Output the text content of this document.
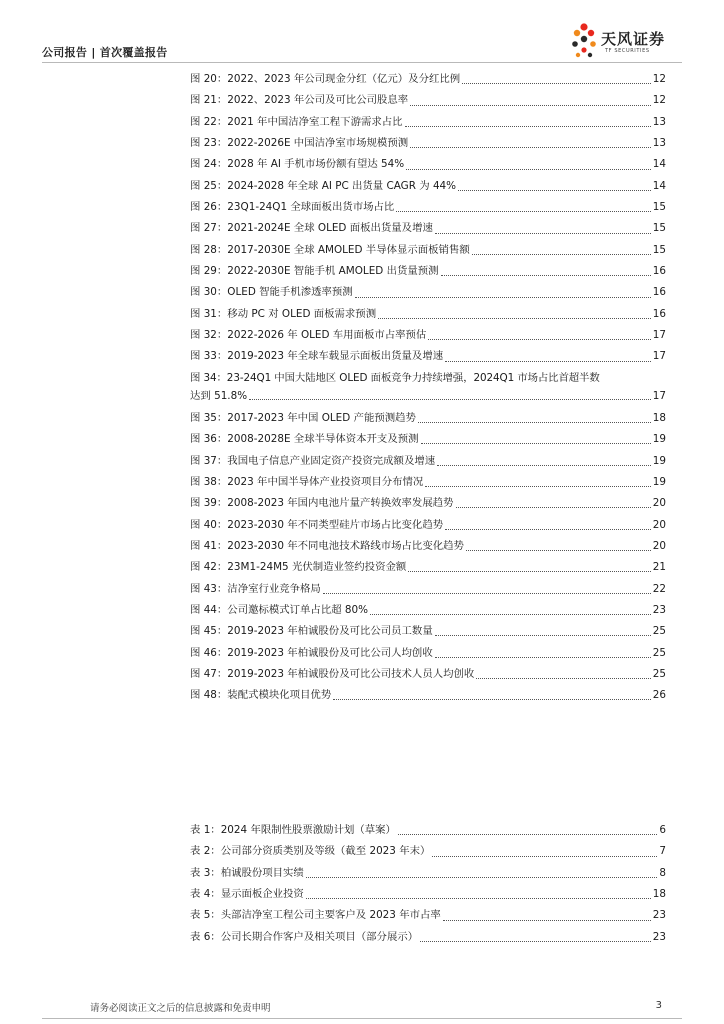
公司报告 | 首次覆盖报告
天风证券
TF SECURITIES
图 20：2022、2023 年公司现金分红（亿元）及分红比例	12
图 21：2022、2023 年公司及可比公司股息率	12
图 22：2021 年中国洁净室工程下游需求占比	13
图 23：2022-2026E 中国洁净室市场规模预测	13
图 24：2028 年 AI 手机市场份额有望达 54%	14
图 25：2024-2028 年全球 AI PC 出货量 CAGR 为 44%	14
图 26：23Q1-24Q1 全球面板出货市场占比	15
图 27：2021-2024E 全球 OLED 面板出货量及增速	15
图 28：2017-2030E 全球 AMOLED 半导体显示面板销售额	15
图 29：2022-2030E 智能手机 AMOLED 出货量预测	16
图 30：OLED 智能手机渗透率预测	16
图 31：移动 PC 对 OLED 面板需求预测	16
图 32：2022-2026 年 OLED 车用面板市占率预估	17
图 33：2019-2023 年全球车载显示面板出货量及增速	17
图 34：23-24Q1 中国大陆地区 OLED 面板竞争力持续增强，2024Q1 市场占比首超半数
达到 51.8%	17
图 35：2017-2023 年中国 OLED 产能预测趋势	18
图 36：2008-2028E 全球半导体资本开支及预测	19
图 37：我国电子信息产业固定资产投资完成额及增速	19
图 38：2023 年中国半导体产业投资项目分布情况	19
图 39：2008-2023 年国内电池片量产转换效率发展趋势	20
图 40：2023-2030 年不同类型硅片市场占比变化趋势	20
图 41：2023-2030 年不同电池技术路线市场占比变化趋势	20
图 42：23M1-24M5 光伏制造业签约投资金额	21
图 43：洁净室行业竞争格局	22
图 44：公司邀标模式订单占比超 80%	23
图 45：2019-2023 年柏诚股份及可比公司员工数量	25
图 46：2019-2023 年柏诚股份及可比公司人均创收	25
图 47：2019-2023 年柏诚股份及可比公司技术人员人均创收	25
图 48：装配式模块化项目优势	26
表 1：2024 年限制性股票激励计划（草案）	6
表 2：公司部分资质类别及等级（截至 2023 年末）	7
表 3：柏诚股份项目实绩	8
表 4：显示面板企业投资	18
表 5：头部洁净室工程公司主要客户及 2023 年市占率	23
表 6：公司长期合作客户及相关项目（部分展示）	23
请务必阅读正文之后的信息披露和免责申明	3
